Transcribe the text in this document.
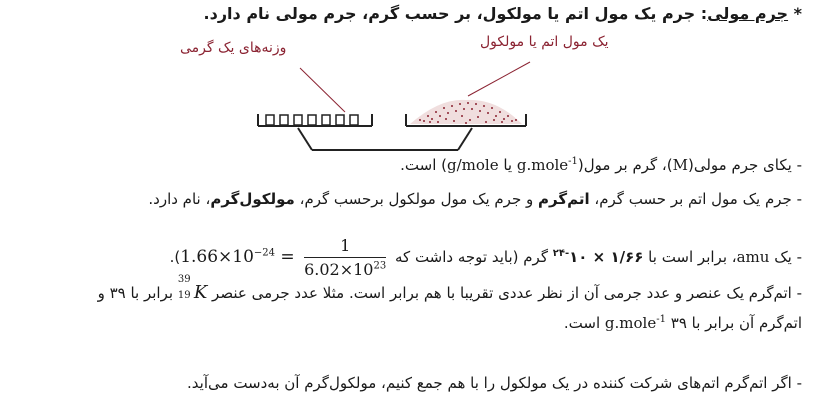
* جرم مولی: جرم یک مول اتم یا مولکول، بر حسب گرم، جرم مولی نام دارد.
وزنه‌های یک گرمی	یک مول اتم یا مولکول
- یکای جرم مولی(M)، گرم بر مول(g.mole$^{-1}$ یا g/mole) است.
- جرم یک مول اتم بر حسب گرم، اتم‌گرم و جرم یک مول مولکول برحسب گرم، مولکول‌گرم، نام دارد.
- یک amu، برابر است با ۱/۶۶ × $۱۰^{-۲۴}$ گرم (باید توجه داشت که $1.66\times 10^{-24} = \frac{1}{6.02\times 10^{23}}$
).
- اتم‌گرم یک عنصر و عدد جرمی آن از نظر عددی تقریبا با هم برابر است. مثلا عدد جرمی عنصر
39
19 K برابر با ۳۹ و
اتم‌گرم آن برابر با ۳۹ g.mole$^{-1}$ است.
- اگر اتم‌گرم اتم‌های شرکت کننده در یک مولکول را با هم جمع کنیم، مولکول‌گرم آن به‌دست می‌آید.
